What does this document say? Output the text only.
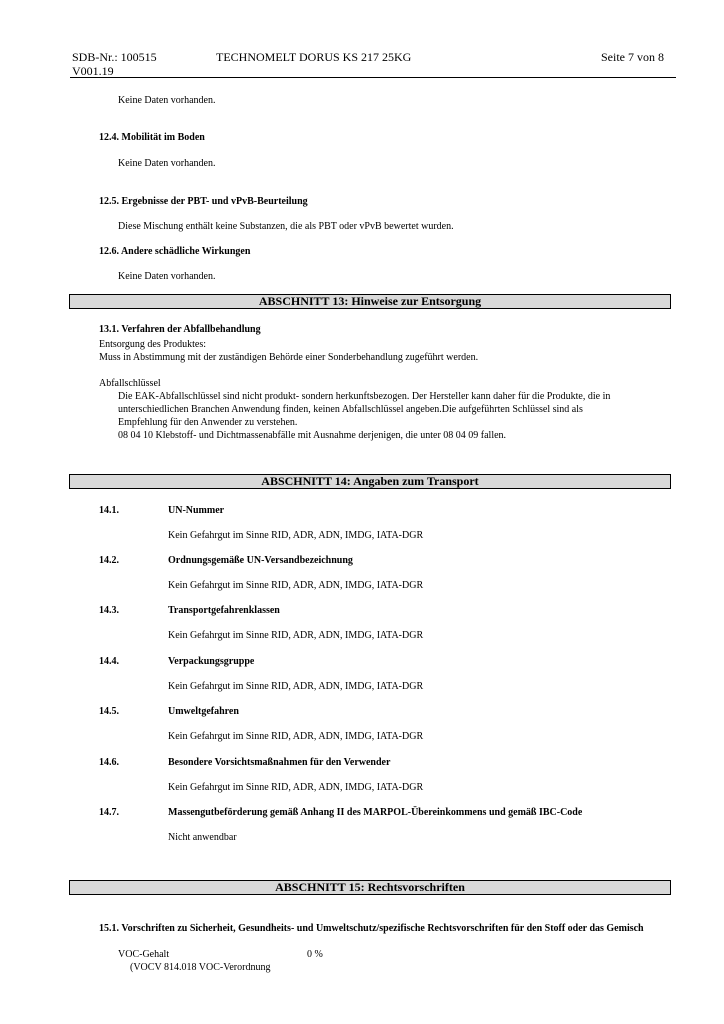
SDB-Nr.: 100515
V001.19
TECHNOMELT DORUS KS 217 25KG	Seite 7 von 8
Keine Daten vorhanden.
12.4. Mobilität im Boden
Keine Daten vorhanden.
12.5. Ergebnisse der PBT- und vPvB-Beurteilung
Diese Mischung enthält keine Substanzen, die als PBT oder vPvB bewertet wurden.
12.6. Andere schädliche Wirkungen
Keine Daten vorhanden.
ABSCHNITT 13: Hinweise zur Entsorgung
13.1. Verfahren der Abfallbehandlung
Entsorgung des Produktes:
Muss in Abstimmung mit der zuständigen Behörde einer Sonderbehandlung zugeführt werden.
Abfallschlüssel
Die EAK-Abfallschlüssel sind nicht produkt- sondern herkunftsbezogen. Der Hersteller kann daher für die Produkte, die in
unterschiedlichen Branchen Anwendung finden, keinen Abfallschlüssel angeben.Die aufgeführten Schlüssel sind als
Empfehlung für den Anwender zu verstehen.
08 04 10 Klebstoff- und Dichtmassenabfälle mit Ausnahme derjenigen, die unter 08 04 09 fallen.
ABSCHNITT 14: Angaben zum Transport
14.1.	UN-Nummer
Kein Gefahrgut im Sinne RID, ADR, ADN, IMDG, IATA-DGR
14.2.	Ordnungsgemäße UN-Versandbezeichnung
Kein Gefahrgut im Sinne RID, ADR, ADN, IMDG, IATA-DGR
14.3.	Transportgefahrenklassen
Kein Gefahrgut im Sinne RID, ADR, ADN, IMDG, IATA-DGR
14.4.	Verpackungsgruppe
Kein Gefahrgut im Sinne RID, ADR, ADN, IMDG, IATA-DGR
14.5.	Umweltgefahren
Kein Gefahrgut im Sinne RID, ADR, ADN, IMDG, IATA-DGR
14.6.	Besondere Vorsichtsmaßnahmen für den Verwender
Kein Gefahrgut im Sinne RID, ADR, ADN, IMDG, IATA-DGR
14.7.	Massengutbeförderung gemäß Anhang II des MARPOL-Übereinkommens und gemäß IBC-Code
Nicht anwendbar
ABSCHNITT 15: Rechtsvorschriften
15.1. Vorschriften zu Sicherheit, Gesundheits- und Umweltschutz/spezifische Rechtsvorschriften für den Stoff oder das Gemisch
VOC-Gehalt	0 %
(VOCV 814.018 VOC-Verordnung
